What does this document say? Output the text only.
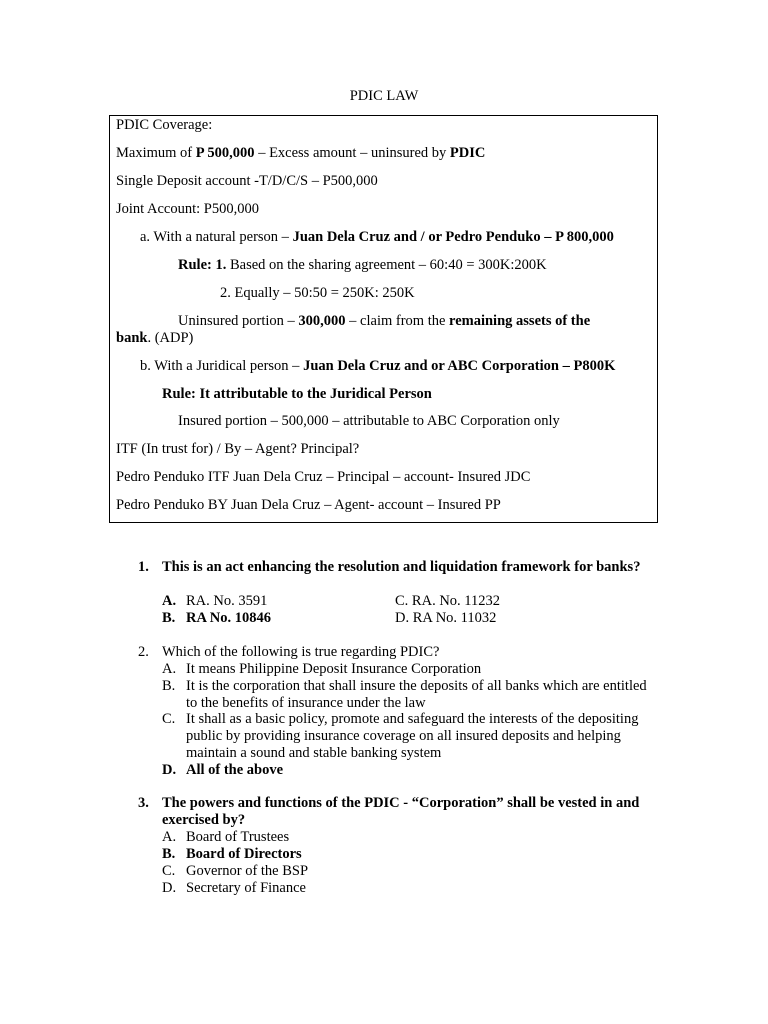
PDIC LAW
PDIC Coverage:
Maximum of P 500,000 – Excess amount – uninsured by PDIC
Single Deposit account -T/D/C/S – P500,000
Joint Account: P500,000
a. With a natural person – Juan Dela Cruz and / or Pedro Penduko – P 800,000
Rule: 1. Based on the sharing agreement – 60:40 = 300K:200K
2. Equally – 50:50 = 250K: 250K
Uninsured portion – 300,000 – claim from the remaining assets of the
bank. (ADP)
b. With a Juridical person – Juan Dela Cruz and or ABC Corporation – P800K
Rule: It attributable to the Juridical Person
Insured portion – 500,000 – attributable to ABC Corporation only
ITF (In trust for) / By – Agent? Principal?
Pedro Penduko ITF Juan Dela Cruz – Principal – account- Insured JDC
Pedro Penduko BY Juan Dela Cruz – Agent- account – Insured PP
1. This is an act enhancing the resolution and liquidation framework for banks?
A. RA. No. 3591
B. RA No. 10846
C. RA. No. 11232
D. RA No. 11032
2. Which of the following is true regarding PDIC?
A. It means Philippine Deposit Insurance Corporation
B. It is the corporation that shall insure the deposits of all banks which are entitled to the benefits of insurance under the law
C. It shall as a basic policy, promote and safeguard the interests of the depositing public by providing insurance coverage on all insured deposits and helping maintain a sound and stable banking system
D. All of the above
3. The powers and functions of the PDIC - “Corporation” shall be vested in and exercised by?
A. Board of Trustees
B. Board of Directors
C. Governor of the BSP
D. Secretary of Finance
